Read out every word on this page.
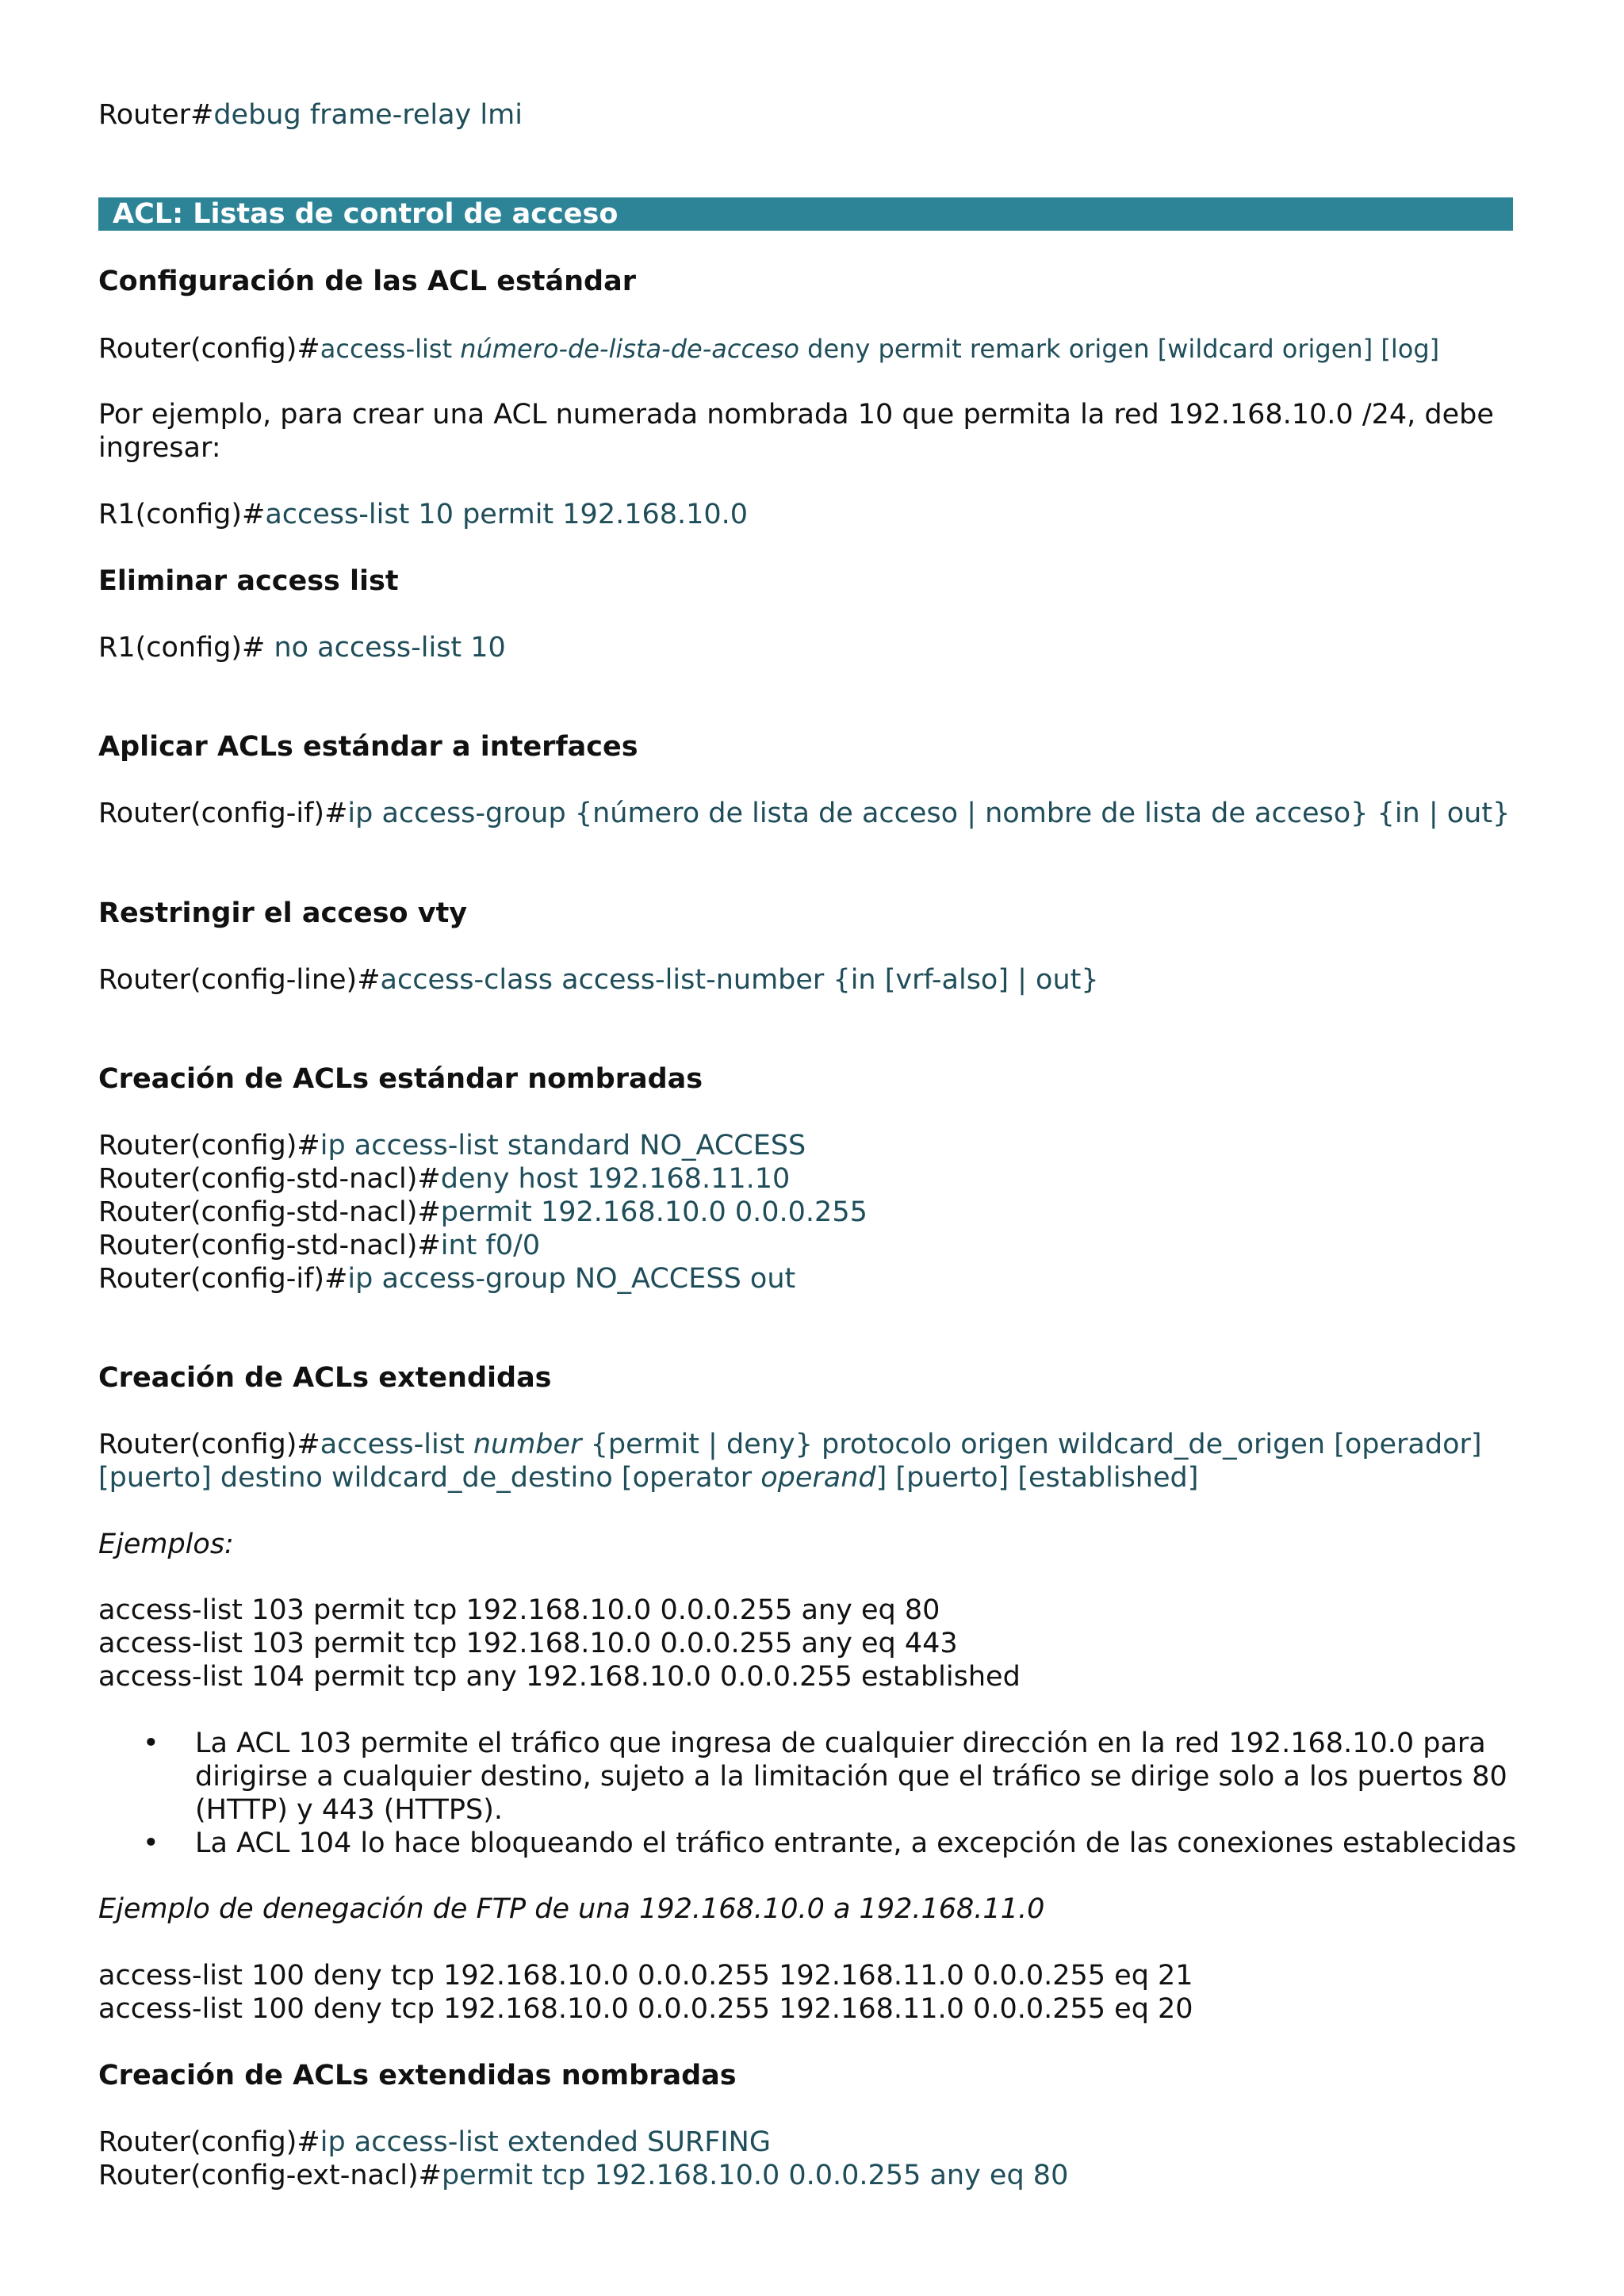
Router#debug frame-relay lmi
ACL: Listas de control de acceso
Configuración de las ACL estándar
Router(config)#access-list número-de-lista-de-acceso deny permit remark origen [wildcard origen] [log]
Por ejemplo, para crear una ACL numerada nombrada 10 que permita la red 192.168.10.0 /24, debe
ingresar:
R1(config)#access-list 10 permit 192.168.10.0
Eliminar access list
R1(config)# no access-list 10
Aplicar ACLs estándar a interfaces
Router(config-if)#ip access-group {número de lista de acceso | nombre de lista de acceso} {in | out}
Restringir el acceso vty
Router(config-line)#access-class access-list-number {in [vrf-also] | out}
Creación de ACLs estándar nombradas
Router(config)#ip access-list standard NO_ACCESS
Router(config-std-nacl)#deny host 192.168.11.10
Router(config-std-nacl)#permit 192.168.10.0 0.0.0.255
Router(config-std-nacl)#int f0/0
Router(config-if)#ip access-group NO_ACCESS out
Creación de ACLs extendidas
Router(config)#access-list number {permit | deny} protocolo origen wildcard_de_origen [operador]
[puerto] destino wildcard_de_destino [operator operand] [puerto] [established]
Ejemplos:
access-list 103 permit tcp 192.168.10.0 0.0.0.255 any eq 80
access-list 103 permit tcp 192.168.10.0 0.0.0.255 any eq 443
access-list 104 permit tcp any 192.168.10.0 0.0.0.255 established
• La ACL 103 permite el tráfico que ingresa de cualquier dirección en la red 192.168.10.0 para
dirigirse a cualquier destino, sujeto a la limitación que el tráfico se dirige solo a los puertos 80
(HTTP) y 443 (HTTPS).
• La ACL 104 lo hace bloqueando el tráfico entrante, a excepción de las conexiones establecidas
Ejemplo de denegación de FTP de una 192.168.10.0 a 192.168.11.0
access-list 100 deny tcp 192.168.10.0 0.0.0.255 192.168.11.0 0.0.0.255 eq 21
access-list 100 deny tcp 192.168.10.0 0.0.0.255 192.168.11.0 0.0.0.255 eq 20
Creación de ACLs extendidas nombradas
Router(config)#ip access-list extended SURFING
Router(config-ext-nacl)#permit tcp 192.168.10.0 0.0.0.255 any eq 80
